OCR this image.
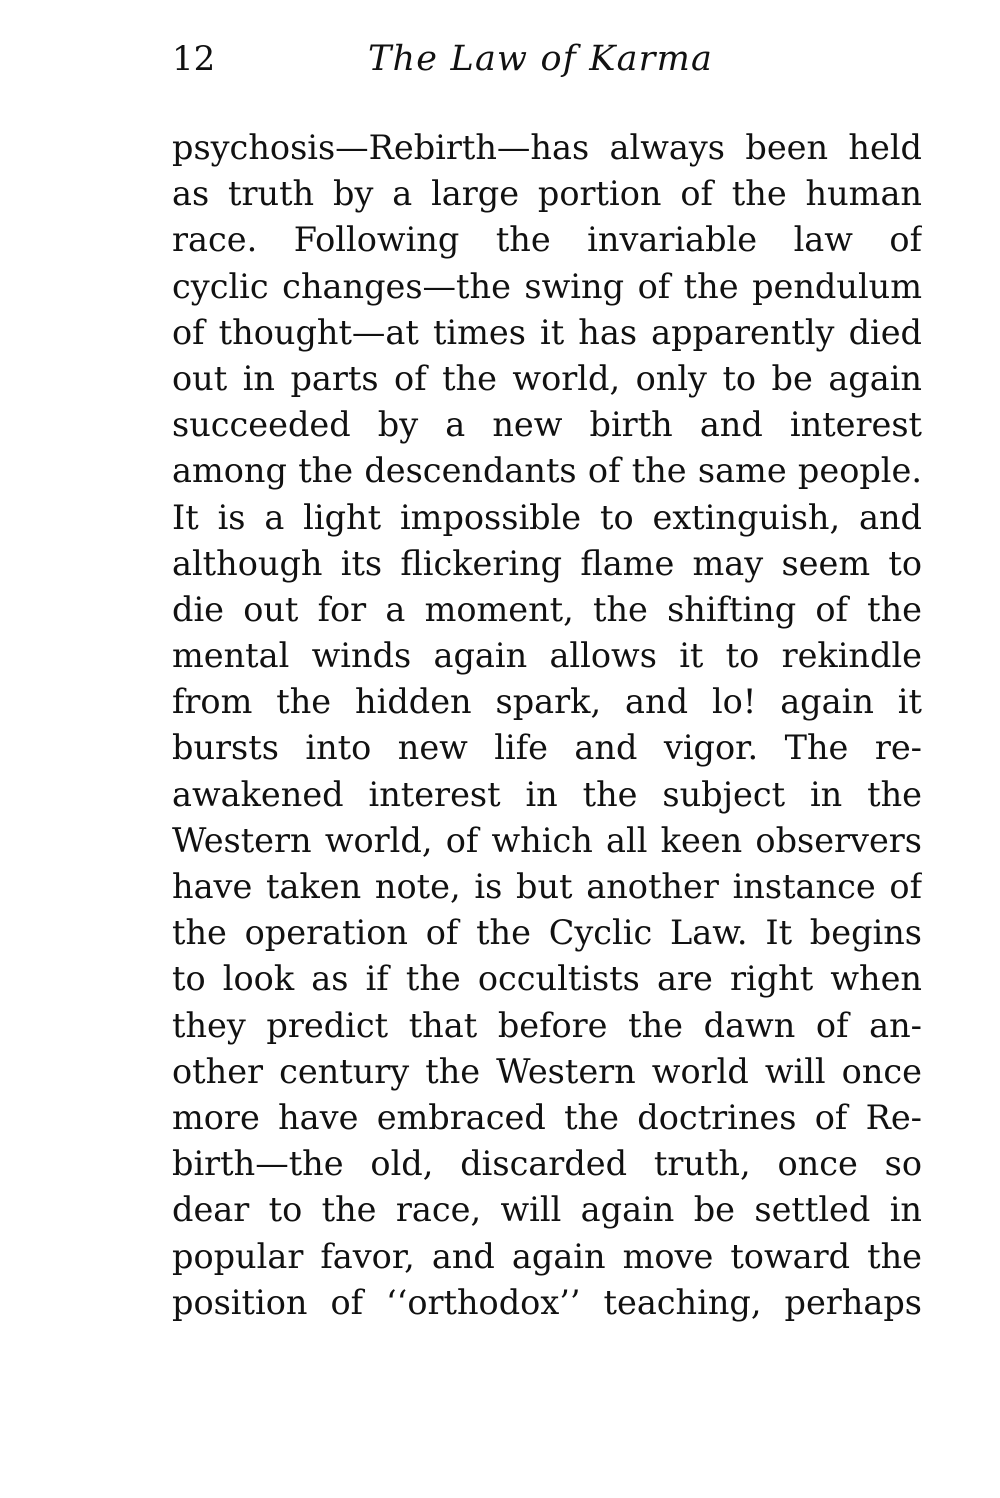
12	The Law of Karma
psychosis—Rebirth—has always been held
as truth by a large portion of the human
race. Following the invariable law of
cyclic changes—the swing of the pendulum
of thought—at times it has apparently died
out in parts of the world, only to be again
succeeded by a new birth and interest
among the descendants of the same people.
It is a light impossible to extinguish, and
although its flickering flame may seem to
die out for a moment, the shifting of the
mental winds again allows it to rekindle
from the hidden spark, and lo! again it
bursts into new life and vigor. The re-
awakened interest in the subject in the
Western world, of which all keen observers
have taken note, is but another instance of
the operation of the Cyclic Law. It begins
to look as if the occultists are right when
they predict that before the dawn of an-
other century the Western world will once
more have embraced the doctrines of Re-
birth—the old, discarded truth, once so
dear to the race, will again be settled in
popular favor, and again move toward the
position of ‘‘orthodox’’ teaching, perhaps
